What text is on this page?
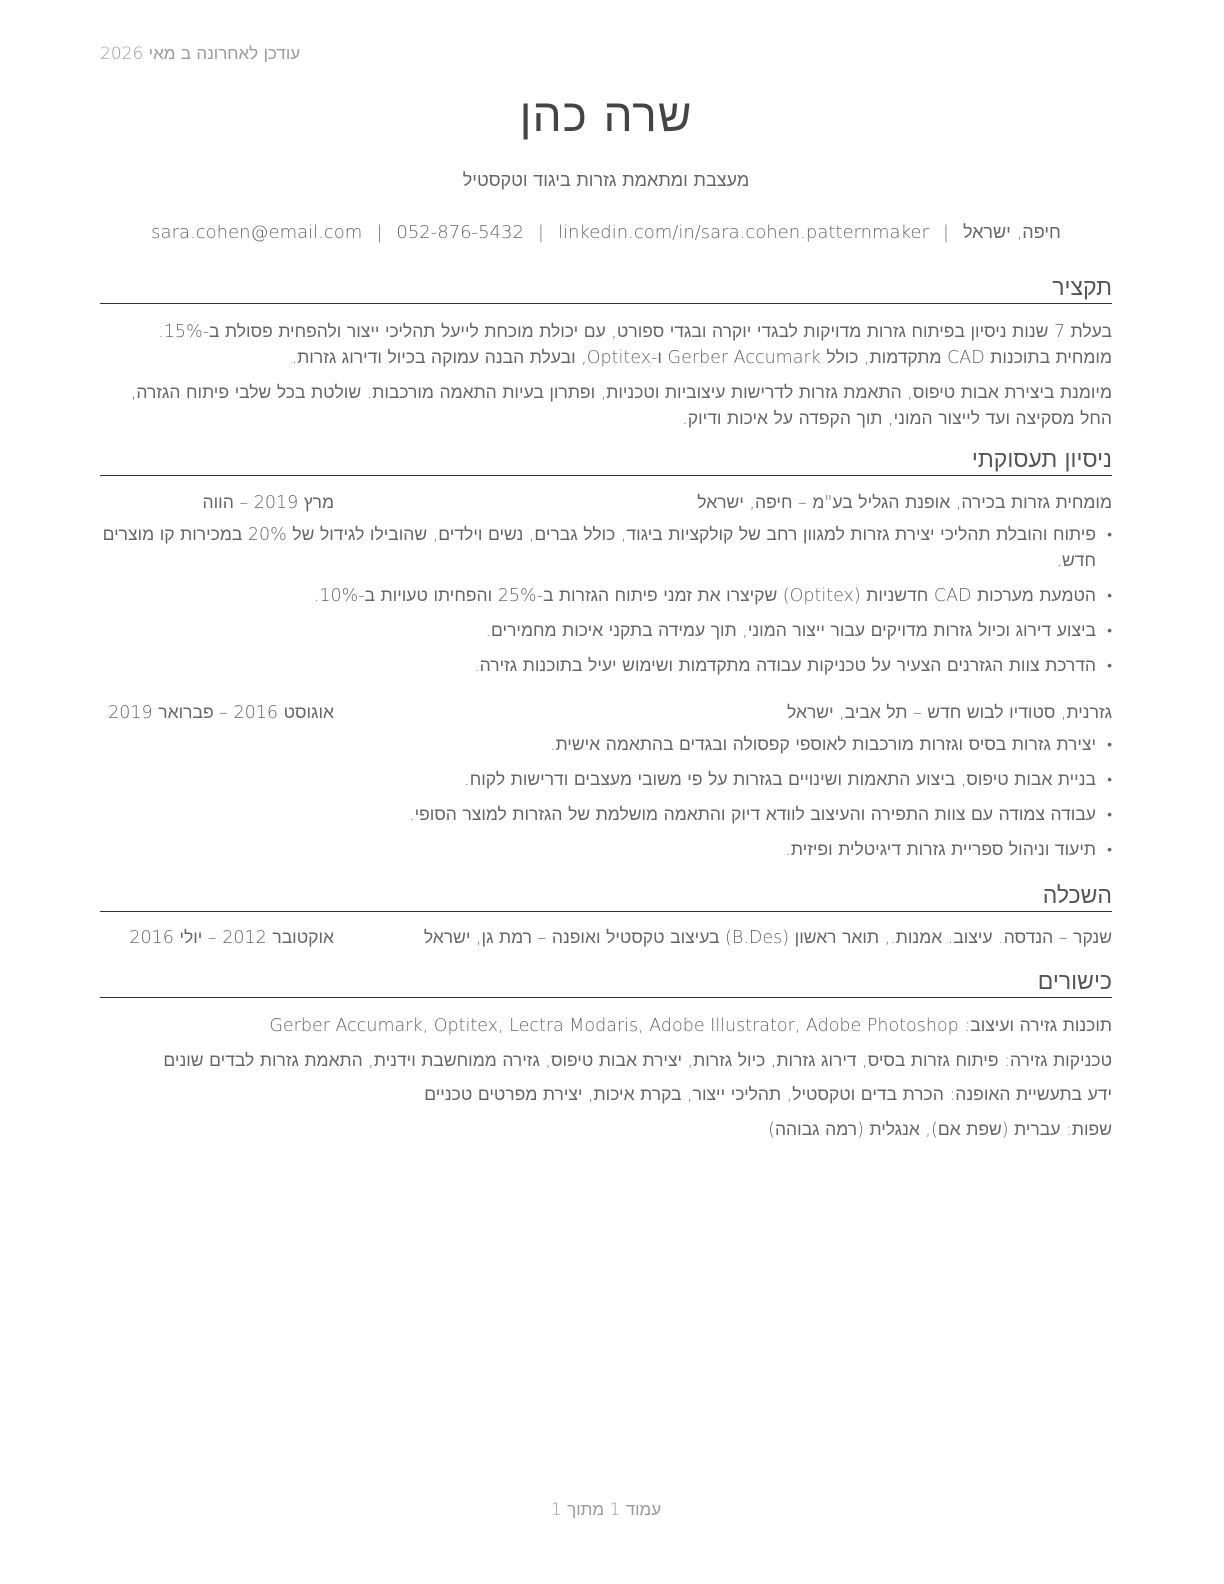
עודכן לאחרונה ב מאי 2026
שרה כהן
מעצבת ומתאמת גזרות ביגוד וטקסטיל
חיפה, ישראל|sara.cohen@email.com | 052-876-5432 | linkedin.com/in/sara.cohen.patternmaker
תקציר
בעלת 7 שנות ניסיון בפיתוח גזרות מדויקות לבגדי יוקרה ובגדי ספורט, עם יכולת מוכחת לייעל תהליכי ייצור ולהפחית פסולת ב-15%. מומחית בתוכנות CAD מתקדמות, כולל Gerber Accumark ו-Optitex, ובעלת הבנה עמוקה בכיול ודירוג גזרות.
מיומנת ביצירת אבות טיפוס, התאמת גזרות לדרישות עיצוביות וטכניות, ופתרון בעיות התאמה מורכבות. שולטת בכל שלבי פיתוח הגזרה, החל מסקיצה ועד לייצור המוני, תוך הקפדה על איכות ודיוק.
ניסיון תעסוקתי
מומחית גזרות בכירה, אופנת הגליל בע"מ – חיפה, ישראל
מרץ 2019 – הווה
•
פיתוח והובלת תהליכי יצירת גזרות למגוון רחב של קולקציות ביגוד, כולל גברים, נשים וילדים, שהובילו לגידול של 20% במכירות קו מוצרים חדש.
•
הטמעת מערכות CAD חדשניות (Optitex) שקיצרו את זמני פיתוח הגזרות ב-25% והפחיתו טעויות ב-10%.
•
ביצוע דירוג וכיול גזרות מדויקים עבור ייצור המוני, תוך עמידה בתקני איכות מחמירים.
•
הדרכת צוות הגזרנים הצעיר על טכניקות עבודה מתקדמות ושימוש יעיל בתוכנות גזירה.
גזרנית, סטודיו לבוש חדש – תל אביב, ישראל
אוגוסט 2016 – פברואר 2019
•
יצירת גזרות בסיס וגזרות מורכבות לאוספי קפסולה ובגדים בהתאמה אישית.
•
בניית אבות טיפוס, ביצוע התאמות ושינויים בגזרות על פי משובי מעצבים ודרישות לקוח.
•
עבודה צמודה עם צוות התפירה והעיצוב לוודא דיוק והתאמה מושלמת של הגזרות למוצר הסופי.
•
תיעוד וניהול ספריית גזרות דיגיטלית ופיזית.
השכלה
שנקר – הנדסה. עיצוב. אמנות., תואר ראשון (B.Des) בעיצוב טקסטיל ואופנה – רמת גן, ישראל
אוקטובר 2012 – יולי 2016
כישורים
תוכנות גזירה ועיצוב: Gerber Accumark, Optitex, Lectra Modaris, Adobe Illustrator, Adobe Photoshop
טכניקות גזירה: פיתוח גזרות בסיס, דירוג גזרות, כיול גזרות, יצירת אבות טיפוס, גזירה ממוחשבת וידנית, התאמת גזרות לבדים שונים
ידע בתעשיית האופנה: הכרת בדים וטקסטיל, תהליכי ייצור, בקרת איכות, יצירת מפרטים טכניים
שפות: עברית (שפת אם), אנגלית (רמה גבוהה)
עמוד 1 מתוך 1
